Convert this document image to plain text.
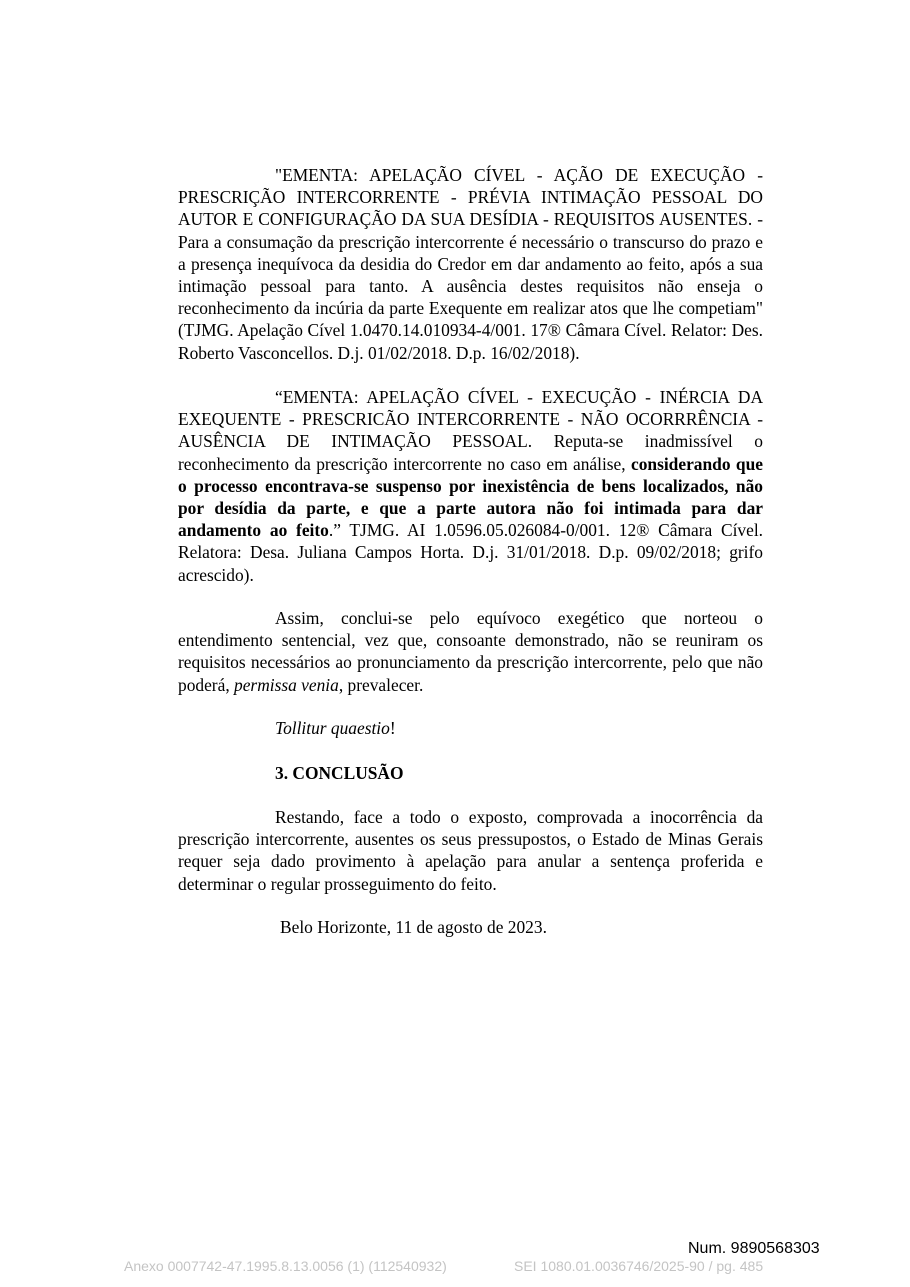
"EMENTA: APELAÇÃO CÍVEL - AÇÃO DE EXECUÇÃO - PRESCRIÇÃO INTERCORRENTE - PRÉVIA INTIMAÇÃO PESSOAL DO AUTOR E CONFIGURAÇÃO DA SUA DESÍDIA - REQUISITOS AUSENTES. - Para a consumação da prescrição intercorrente é necessário o transcurso do prazo e a presença inequívoca da desidia do Credor em dar andamento ao feito, após a sua intimação pessoal para tanto. A ausência destes requisitos não enseja o reconhecimento da incúria da parte Exequente em realizar atos que lhe competiam" (TJMG. Apelação Cível 1.0470.14.010934-4/001. 17® Câmara Cível. Relator: Des. Roberto Vasconcellos. D.j. 01/02/2018. D.p. 16/02/2018).

“EMENTA: APELAÇÃO CÍVEL - EXECUÇÃO - INÉRCIA DA EXEQUENTE - PRESCRICÃO INTERCORRENTE - NÃO OCORRRÊNCIA - AUSÊNCIA DE INTIMAÇÃO PESSOAL. Reputa-se inadmissível o reconhecimento da prescrição intercorrente no caso em análise, considerando que o processo encontrava-se suspenso por inexistência de bens localizados, não por desídia da parte, e que a parte autora não foi intimada para dar andamento ao feito.” TJMG. AI 1.0596.05.026084-0/001. 12® Câmara Cível. Relatora: Desa. Juliana Campos Horta. D.j. 31/01/2018. D.p. 09/02/2018; grifo acrescido).

Assim, conclui-se pelo equívoco exegético que norteou o entendimento sentencial, vez que, consoante demonstrado, não se reuniram os requisitos necessários ao pronunciamento da prescrição intercorrente, pelo que não poderá, permissa venia, prevalecer.

Tollitur quaestio!

3. CONCLUSÃO

Restando, face a todo o exposto, comprovada a inocorrência da prescrição intercorrente, ausentes os seus pressupostos, o Estado de Minas Gerais requer seja dado provimento à apelação para anular a sentença proferida e determinar o regular prosseguimento do feito.

Belo Horizonte, 11 de agosto de 2023.

Num. 9890568303
Anexo 0007742-47.1995.8.13.0056 (1) (112540932)	SEI 1080.01.0036746/2025-90 / pg. 485
